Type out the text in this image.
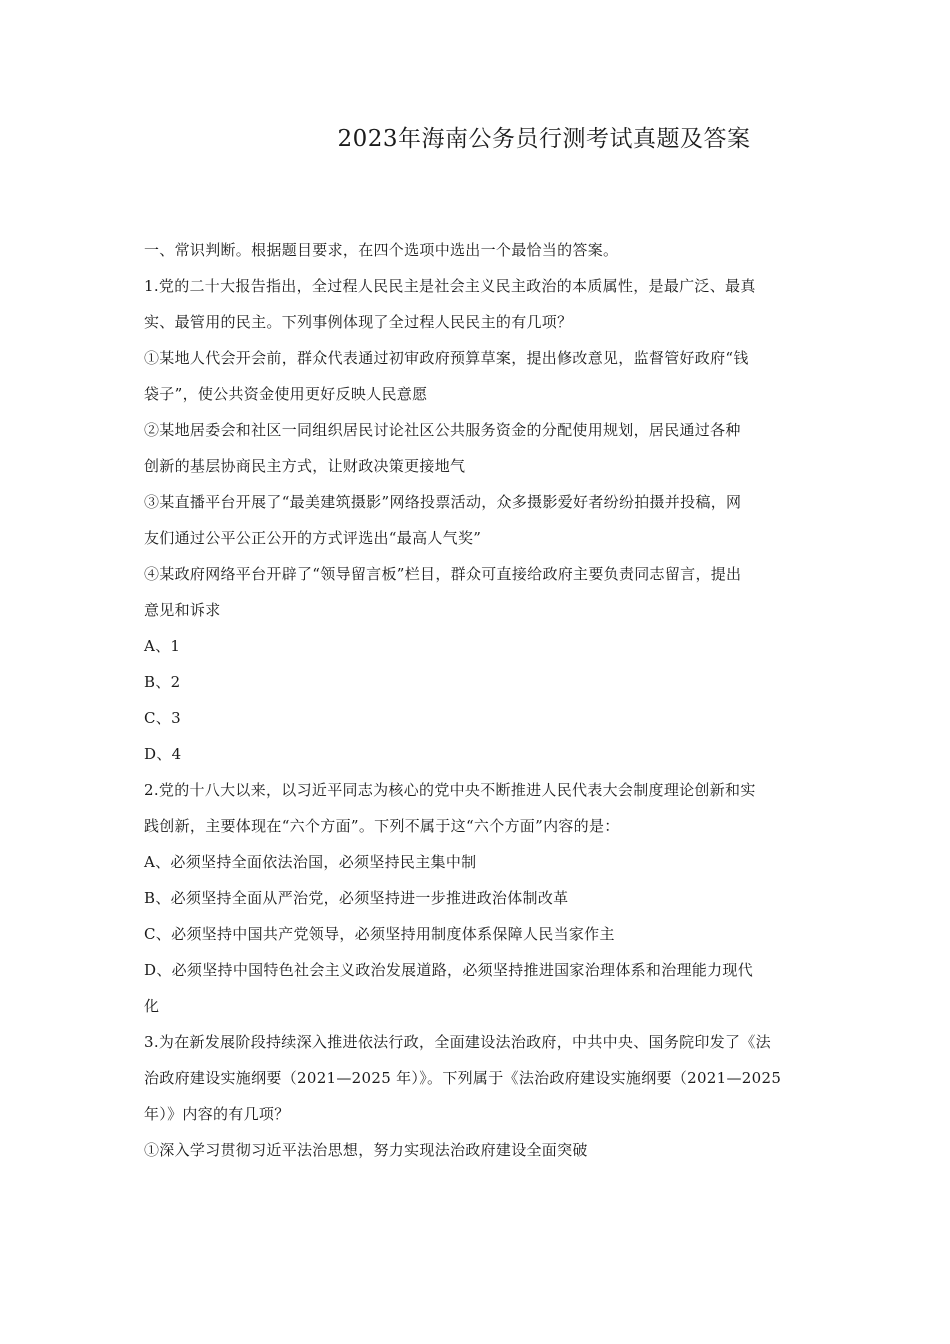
2023年海南公务员行测考试真题及答案
一、常识判断。根据题目要求，在四个选项中选出一个最恰当的答案。
1.党的二十大报告指出，全过程人民民主是社会主义民主政治的本质属性，是最广泛、最真
实、最管用的民主。下列事例体现了全过程人民民主的有几项？
①某地人代会开会前，群众代表通过初审政府预算草案，提出修改意见，监督管好政府“钱
袋子”，使公共资金使用更好反映人民意愿
②某地居委会和社区一同组织居民讨论社区公共服务资金的分配使用规划，居民通过各种
创新的基层协商民主方式，让财政决策更接地气
③某直播平台开展了“最美建筑摄影”网络投票活动，众多摄影爱好者纷纷拍摄并投稿，网
友们通过公平公正公开的方式评选出“最高人气奖”
④某政府网络平台开辟了“领导留言板”栏目，群众可直接给政府主要负责同志留言，提出
意见和诉求
A、1
B、2
C、3
D、4
2.党的十八大以来，以习近平同志为核心的党中央不断推进人民代表大会制度理论创新和实
践创新，主要体现在“六个方面”。下列不属于这“六个方面”内容的是：
A、必须坚持全面依法治国，必须坚持民主集中制
B、必须坚持全面从严治党，必须坚持进一步推进政治体制改革
C、必须坚持中国共产党领导，必须坚持用制度体系保障人民当家作主
D、必须坚持中国特色社会主义政治发展道路，必须坚持推进国家治理体系和治理能力现代
化
3.为在新发展阶段持续深入推进依法行政，全面建设法治政府，中共中央、国务院印发了《法
治政府建设实施纲要（2021—2025 年）》。下列属于《法治政府建设实施纲要（2021—2025
年）》内容的有几项？
①深入学习贯彻习近平法治思想，努力实现法治政府建设全面突破
